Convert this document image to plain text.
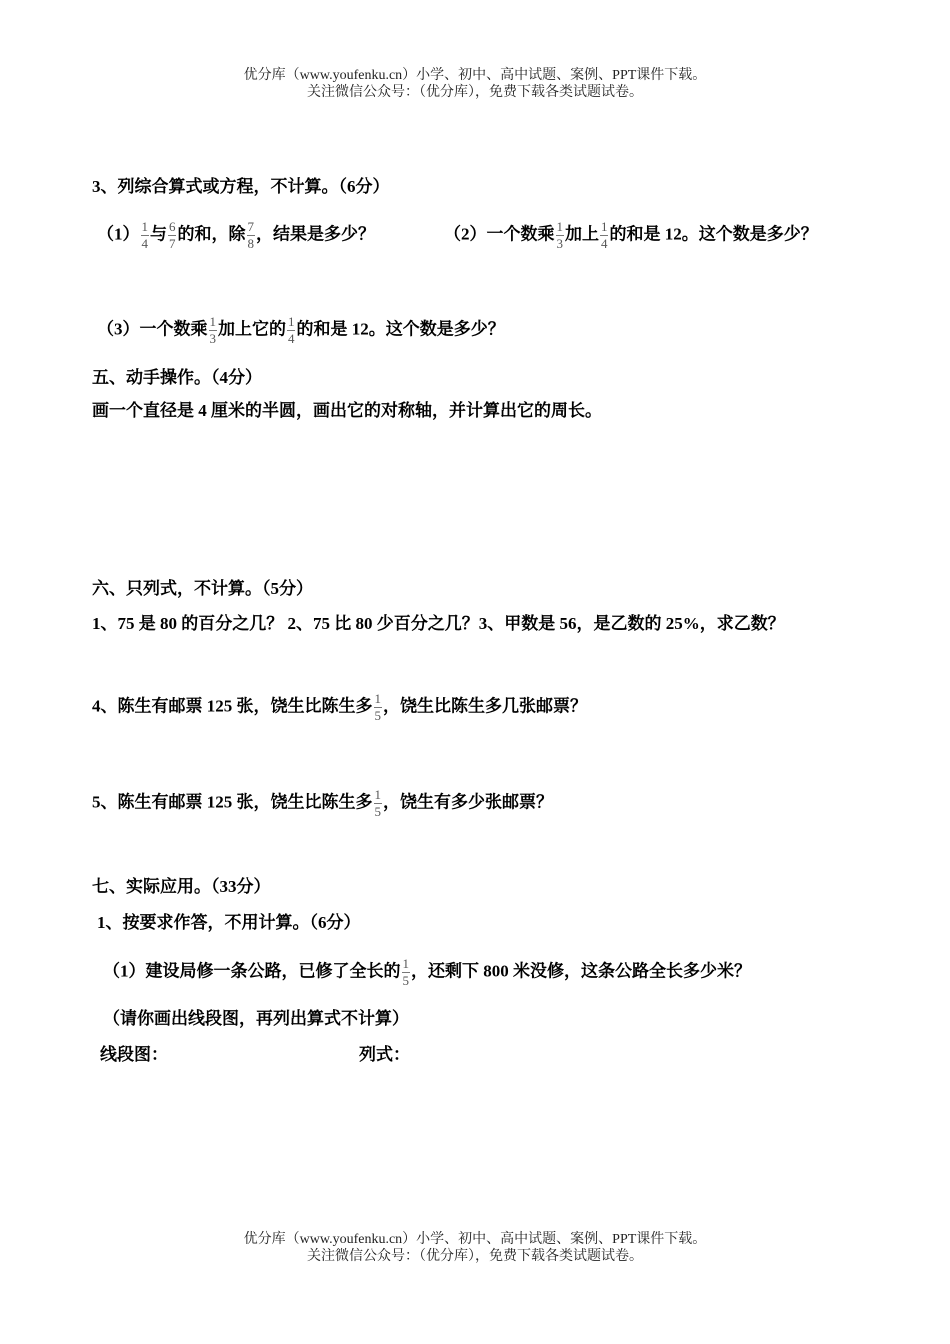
优分库（www.youfenku.cn）小学、初中、高中试题、案例、PPT课件下载。
关注微信公众号：（优分库），免费下载各类试题试卷。
3、列综合算式或方程，不计算。（6分）
$(1) \frac{1}{4}$ 与 $\frac{6}{7}$ 的和，除 $\frac{7}{8}$ ，结果是多少？	（2）一个数乘 $\frac{1}{3}$ 加上 $\frac{1}{4}$ 的和是 12。这个数是多少？
（3）一个数乘 $\frac{1}{3}$ 加上它的 $\frac{1}{4}$ 的和是 12。这个数是多少？
五、动手操作。（4分）
画一个直径是 4 厘米的半圆，画出它的对称轴，并计算出它的周长。
六、只列式，不计算。（5分）
1、75 是 80 的百分之几？ 2、75 比 80 少百分之几？3、甲数是 56，是乙数的 25%，求乙数？
4、陈生有邮票 125 张，饶生比陈生多 $\frac{1}{5}$ ，饶生比陈生多几张邮票？
5、陈生有邮票 125 张，饶生比陈生多 $\frac{1}{5}$ ，饶生有多少张邮票？
七、实际应用。（33分）
1、按要求作答，不用计算。（6分）
（1）建设局修一条公路，已修了全长的 $\frac{1}{5}$ ，还剩下 800 米没修，这条公路全长多少米？
（请你画出线段图，再列出算式不计算）
线段图：	列式：
优分库（www.youfenku.cn）小学、初中、高中试题、案例、PPT课件下载。
关注微信公众号：（优分库），免费下载各类试题试卷。
